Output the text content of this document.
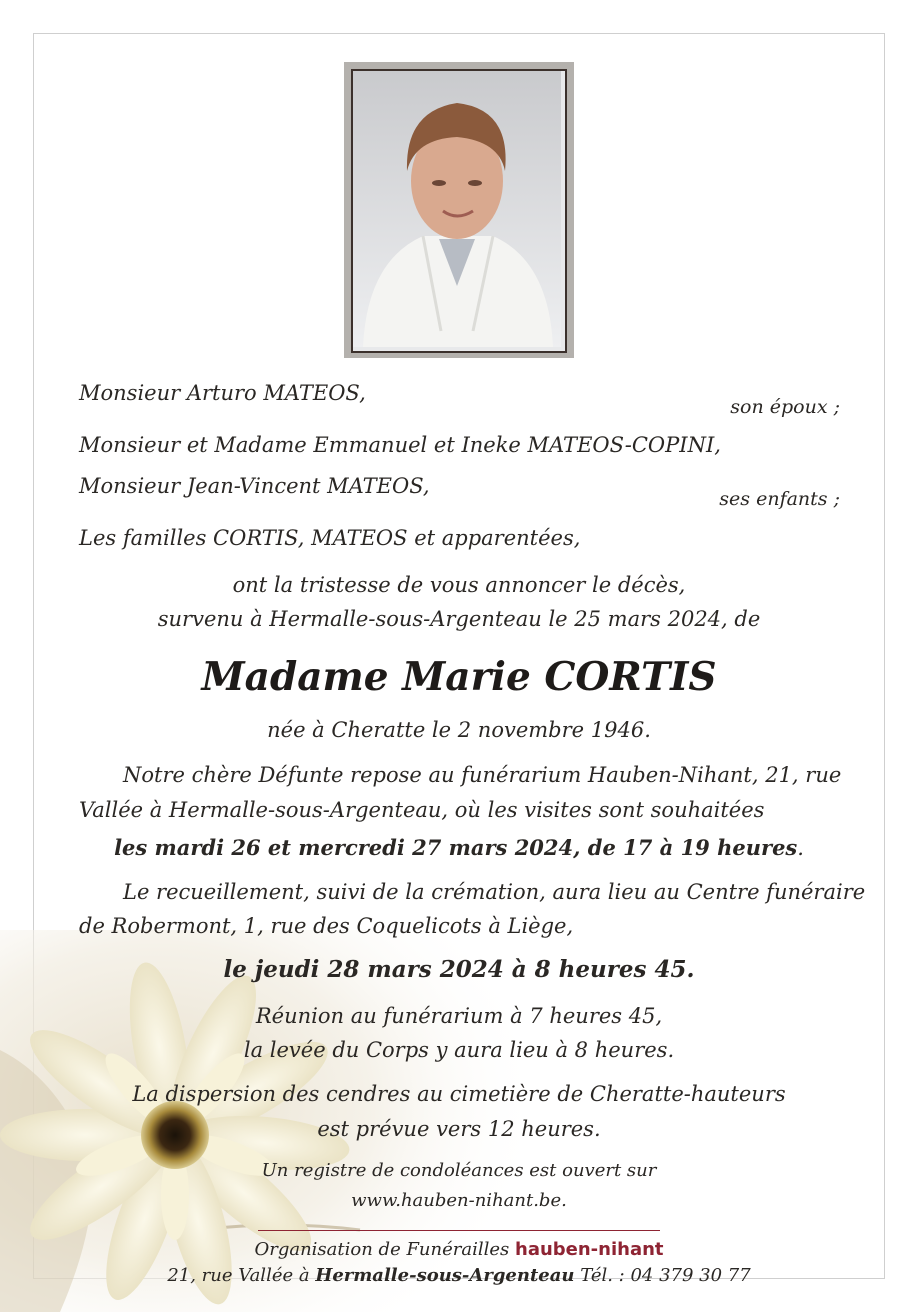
Monsieur Arturo MATEOS,
son époux ;
Monsieur et Madame Emmanuel et Ineke MATEOS-COPINI,
Monsieur Jean-Vincent MATEOS,
ses enfants ;
Les familles CORTIS, MATEOS et apparentées,
ont la tristesse de vous annoncer le décès,
survenu à Hermalle-sous-Argenteau le 25 mars 2024, de
Madame Marie CORTIS
née à Cheratte le 2 novembre 1946.
Notre chère Défunte repose au funérarium Hauben-Nihant, 21, rue
Vallée à Hermalle-sous-Argenteau, où les visites sont souhaitées
les mardi 26 et mercredi 27 mars 2024, de 17 à 19 heures.
Le recueillement, suivi de la crémation, aura lieu au Centre funéraire
de Robermont, 1, rue des Coquelicots à Liège,
le jeudi 28 mars 2024 à 8 heures 45.
Réunion au funérarium à 7 heures 45,
la levée du Corps y aura lieu à 8 heures.
La dispersion des cendres au cimetière de Cheratte-hauteurs
est prévue vers 12 heures.
Un registre de condoléances est ouvert sur
www.hauben-nihant.be.
Organisation de Funérailles hauben-nihant
21, rue Vallée à Hermalle-sous-Argenteau Tél. : 04 379 30 77
